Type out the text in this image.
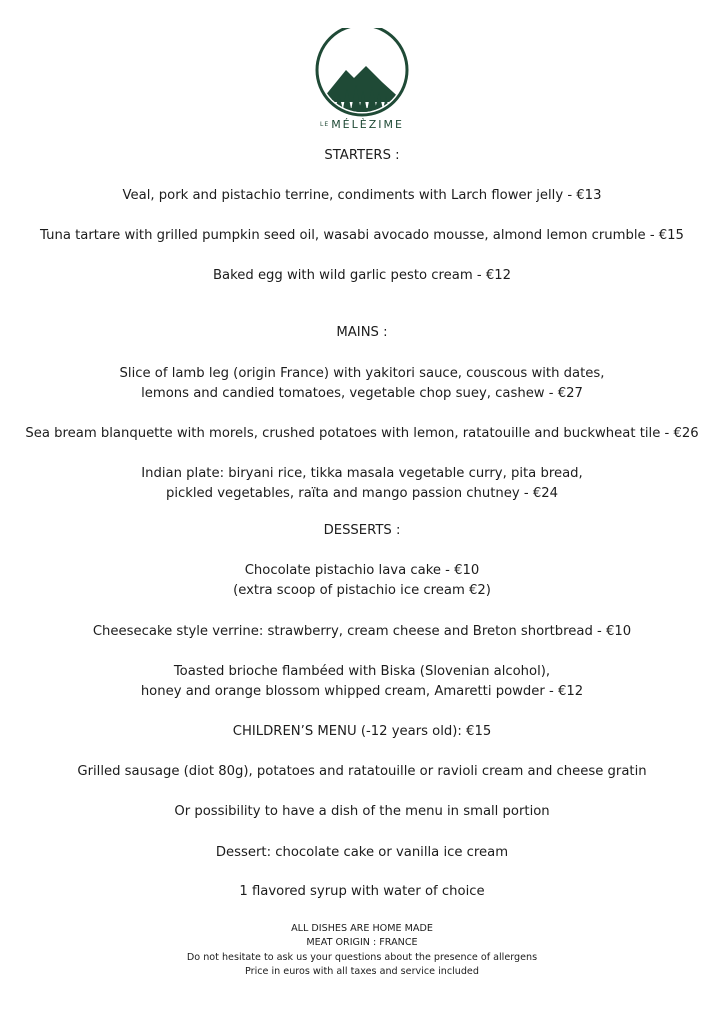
LE MÉLÈZIME
STARTERS :
Veal, pork and pistachio terrine, condiments with Larch flower jelly - €13
Tuna tartare with grilled pumpkin seed oil, wasabi avocado mousse, almond lemon crumble - €15
Baked egg with wild garlic pesto cream - €12
MAINS :
Slice of lamb leg (origin France) with yakitori sauce, couscous with dates,
lemons and candied tomatoes, vegetable chop suey, cashew - €27
Sea bream blanquette with morels, crushed potatoes with lemon, ratatouille and buckwheat tile - €26
Indian plate: biryani rice, tikka masala vegetable curry, pita bread,
pickled vegetables, raïta and mango passion chutney - €24
DESSERTS :
Chocolate pistachio lava cake - €10
(extra scoop of pistachio ice cream €2)
Cheesecake style verrine: strawberry, cream cheese and Breton shortbread - €10
Toasted brioche flambéed with Biska (Slovenian alcohol),
honey and orange blossom whipped cream, Amaretti powder - €12
CHILDREN’S MENU (-12 years old): €15
Grilled sausage (diot 80g), potatoes and ratatouille or ravioli cream and cheese gratin
Or possibility to have a dish of the menu in small portion
Dessert: chocolate cake or vanilla ice cream
1 flavored syrup with water of choice
ALL DISHES ARE HOME MADE
MEAT ORIGIN : FRANCE
Do not hesitate to ask us your questions about the presence of allergens
Price in euros with all taxes and service included
